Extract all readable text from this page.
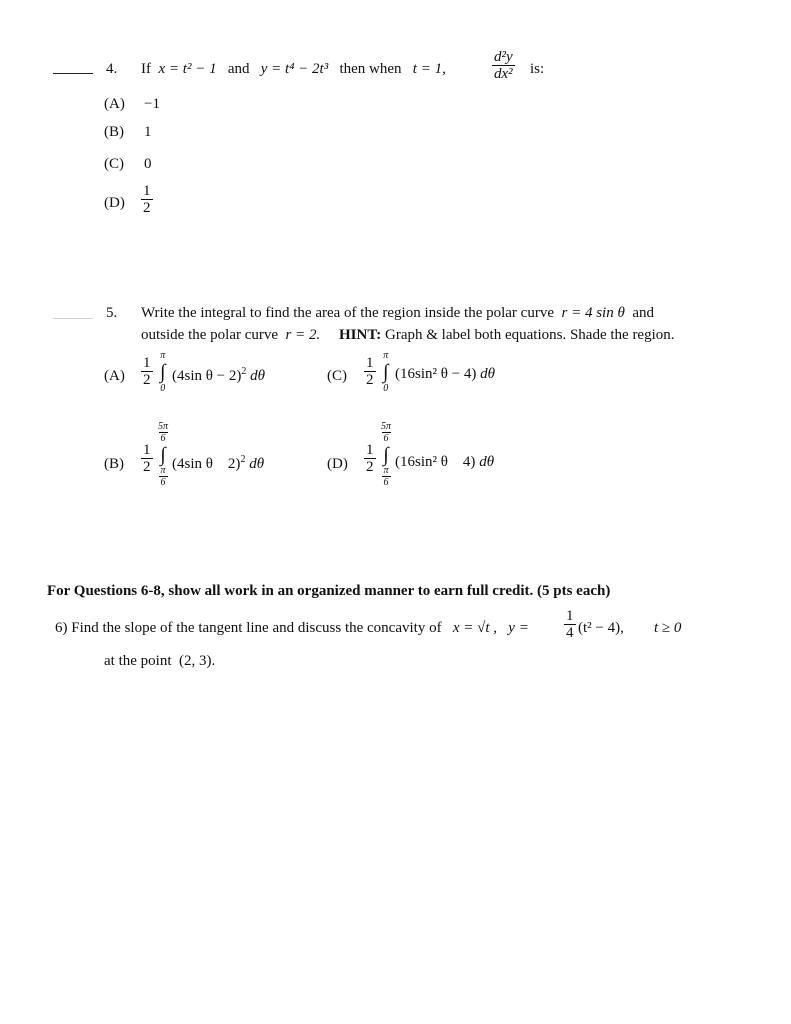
4. If x = t² − 1 and y = t⁴ − 2t³ then when t = 1,	$\frac{\text{d²y}}{\text{dx²}}$ is:
(A) −1
(B) 1
(C) 0
$(D) \frac{1}{2}$
5. Write the integral to find the area of the region inside the polar curve r = 4 sin θ and
outside the polar curve r = 2. HINT: Graph & label both equations. Shade the region.
$(A) \frac{1}{2}$
π
∫
0
(4sin θ − 2)$^2$ dθ	$(C) \frac{1}{2}$
π
∫
0
(16sin² θ − 4) dθ
$(B) \frac{1}{2}$
$\frac{5\pi}{6}$
∫
$\frac{\pi}{6}$
(4sin θ    2)$^2$ dθ	$(D) \frac{1}{2}$
$\frac{5\pi}{6}$
∫
$\frac{\pi}{6}$
(16sin² θ    4) dθ
For Questions 6-8, show all work in an organized manner to earn full credit. (5 pts each)
6) Find the slope of the tangent line and discuss the concavity of x = √t , $y = \frac{1}{4} (t^2 - 4)$, t ≥ 0
at the point (2, 3).
